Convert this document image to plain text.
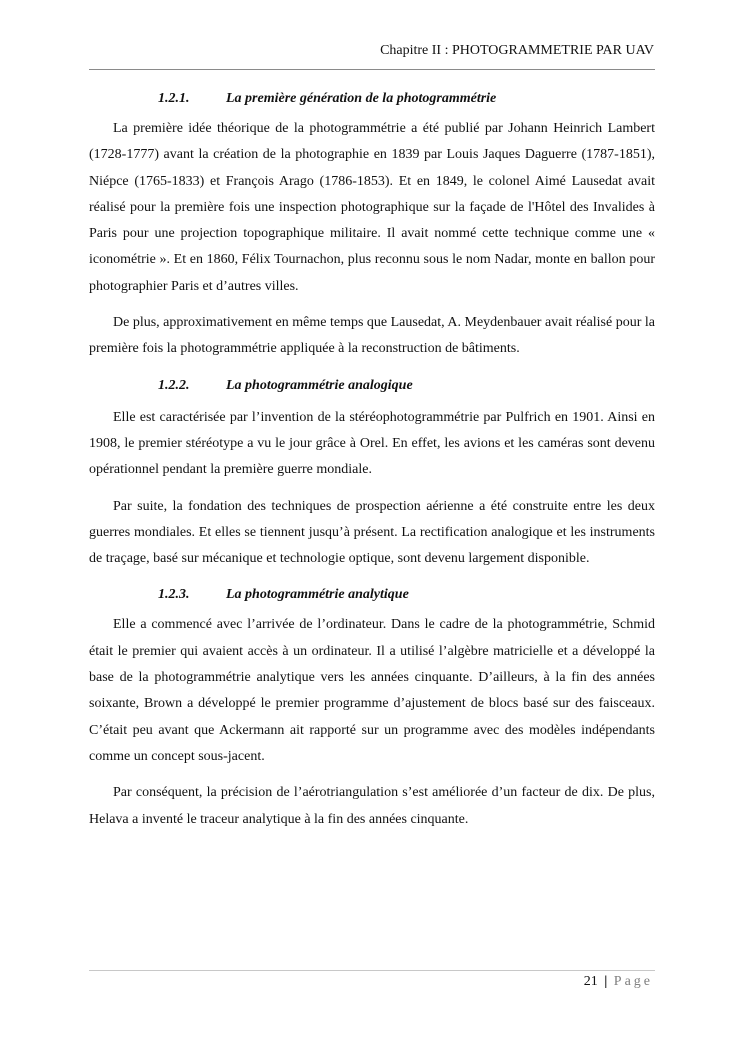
Chapitre II : PHOTOGRAMMETRIE PAR UAV
1.2.1.	La première génération de la photogrammétrie

La première idée théorique de la photogrammétrie a été publié par Johann Heinrich Lambert (1728-1777) avant la création de la photographie en 1839 par Louis Jaques Daguerre (1787-1851), Niépce (1765-1833) et François Arago (1786-1853). Et en 1849, le colonel Aimé Lausedat avait réalisé pour la première fois une inspection photographique sur la façade de l'Hôtel des Invalides à Paris pour une projection topographique militaire. Il avait nommé cette technique comme une « iconométrie ». Et en 1860, Félix Tournachon, plus reconnu sous le nom Nadar, monte en ballon pour photographier Paris et d’autres villes.

De plus, approximativement en même temps que Lausedat, A. Meydenbauer avait réalisé pour la première fois la photogrammétrie appliquée à la reconstruction de bâtiments.

1.2.2.	La photogrammétrie analogique

Elle est caractérisée par l’invention de la stéréophotogrammétrie par Pulfrich en 1901. Ainsi en 1908, le premier stéréotype a vu le jour grâce à Orel. En effet, les avions et les caméras sont devenu opérationnel pendant la première guerre mondiale.

Par suite, la fondation des techniques de prospection aérienne a été construite entre les deux guerres mondiales. Et elles se tiennent jusqu’à présent. La rectification analogique et les instruments de traçage, basé sur mécanique et technologie optique, sont devenu largement disponible.

1.2.3.	La photogrammétrie analytique

Elle a commencé avec l’arrivée de l’ordinateur. Dans le cadre de la photogrammétrie, Schmid était le premier qui avaient accès à un ordinateur. Il a utilisé l’algèbre matricielle et a développé la base de la photogrammétrie analytique vers les années cinquante. D’ailleurs, à la fin des années soixante, Brown a développé le premier programme d’ajustement de blocs basé sur des faisceaux. C’était peu avant que Ackermann ait rapporté sur un programme avec des modèles indépendants comme un concept sous-jacent.

Par conséquent, la précision de l’aérotriangulation s’est améliorée d’un facteur de dix. De plus, Helava a inventé le traceur analytique à la fin des années cinquante.

21 | Page
